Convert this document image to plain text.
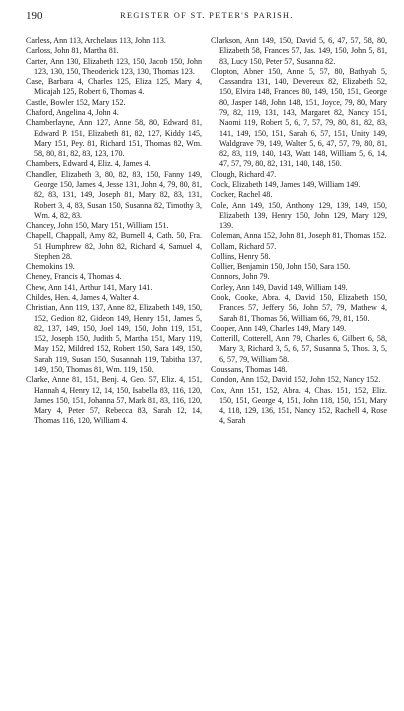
190	REGISTER OF ST. PETER'S PARISH.

Carless, Ann 113, Archelaus 113, John 113.

Carloss, John 81, Martha 81.

Carter, Ann 130, Elizabeth 123, 150, Jacob 150, John 123, 130, 150, Theoderick 123, 130, Thomas 123.

Case, Barbara 4, Charles 125, Eliza 125, Mary 4, Micajah 125, Robert 6, Thomas 4.

Castle, Bowler 152, Mary 152.

Chaford, Angelina 4, John 4.

Chamberlayne, Ann 127, Anne 58, 80, Edward 81, Edward P. 151, Elizabeth 81, 82, 127, Kiddy 145, Mary 151, Pey. 81, Richard 151, Thomas 82, Wm. 58, 80, 81, 82, 83, 123, 170.

Chambers, Edward 4, Eliz. 4, James 4.

Chandler, Elizabeth 3, 80, 82, 83, 150, Fanny 149, George 150, James 4, Jesse 131, John 4, 79, 80, 81, 82, 83, 131, 149, Joseph 81, Mary 82, 83, 131, Robert 3, 4, 83, Susan 150, Susanna 82, Timothy 3, Wm. 4, 82, 83.

Chancey, John 150, Mary 151, William 151.

Chapell, Chappall, Amy 82, Burnell 4, Cath. 50, Fra. 51 Humphrew 82, John 82, Richard 4, Samuel 4, Stephen 28.

Chemokins 19.

Cheney, Francis 4, Thomas 4.

Chew, Ann 141, Arthur 141, Mary 141.

Childes, Hen. 4, James 4, Walter 4.

Christian, Ann 119, 137, Anne 82, Elizabeth 149, 150, 152, Gedion 82, Gideon 149, Henry 151, James 5, 82, 137, 149, 150, Joel 149, 150, John 119, 151, 152, Joseph 150, Judith 5, Martha 151, Mary 119, May 152, Mildred 152, Robert 150, Sara 149, 150, Sarah 119, Susan 150, Susannah 119, Tabitha 137, 149, 150, Thomas 81, Wm. 119, 150.

Clarke, Anne 81, 151, Benj. 4, Geo. 57, Eliz. 4, 151, Hannah 4, Henry 12, 14, 150, Isabella 83, 116, 120, James 150, 151, Johanna 57, Mark 81, 83, 116, 120, Mary 4, Peter 57, Rebecca 83, Sarah 12, 14, Thomas 116, 120, William 4.

Clarkson, Ann 149, 150, David 5, 6, 47, 57, 58, 80, Elizabeth 58, Frances 57, Jas. 149, 150, John 5, 81, 83, Lucy 150, Peter 57, Susanna 82.

Clopton, Abner 150, Anne 5, 57, 80, Bathyah 5, Cassandra 131, 140, Devereux 82, Elizabeth 52, 150, Elvira 148, Frances 80, 149, 150, 151, George 80, Jasper 148, John 148, 151, Joyce, 79, 80, Mary 79, 82, 119, 131, 143, Margaret 82, Nancy 151, Naomi 119, Robert 5, 6, 7, 57, 79, 80, 81, 82, 83, 141, 149, 150, 151, Sarah 6, 57, 151, Unity 149, Waldgrave 79, 149, Walter 5, 6, 47, 57, 79, 80, 81, 82, 83, 119, 140, 143, Watt 148, William 5, 6, 14, 47, 57, 79, 80, 82, 131, 140, 148, 150.

Clough, Richard 47.

Cock, Elizabeth 149, James 149, William 149.

Cocker, Rachel 48.

Cole, Ann 149, 150, Anthony 129, 139, 149, 150, Elizabeth 139, Henry 150, John 129, Mary 129, 139.

Coleman, Anna 152, John 81, Joseph 81, Thomas 152.

Collam, Richard 57.

Collins, Henry 58.

Collier, Benjamin 150, John 150, Sara 150.

Connors, John 79.

Corley, Ann 149, David 149, William 149.

Cook, Cooke, Abra. 4, David 150, Elizabeth 150, Frances 57, Jeffery 56, John 57, 79, Mathew 4, Sarah 81, Thomas 56, William 66, 79, 81, 150.

Cooper, Ann 149, Charles 149, Mary 149.

Cotterill, Cotterell, Ann 79, Charles 6, Gilbert 6, 58, Mary 3, Richard 3, 5, 6, 57, Susanna 5, Thos. 3, 5, 6, 57, 79, William 58.

Coussans, Thomas 148.

Condon, Ann 152, David 152, John 152, Nancy 152.

Cox, Ann 151, 152, Abra. 4, Chas. 151, 152, Eliz. 150, 151, George 4, 151, John 118, 150, 151, Mary 4, 118, 129, 136, 151, Nancy 152, Rachell 4, Rose 4, Sarah
